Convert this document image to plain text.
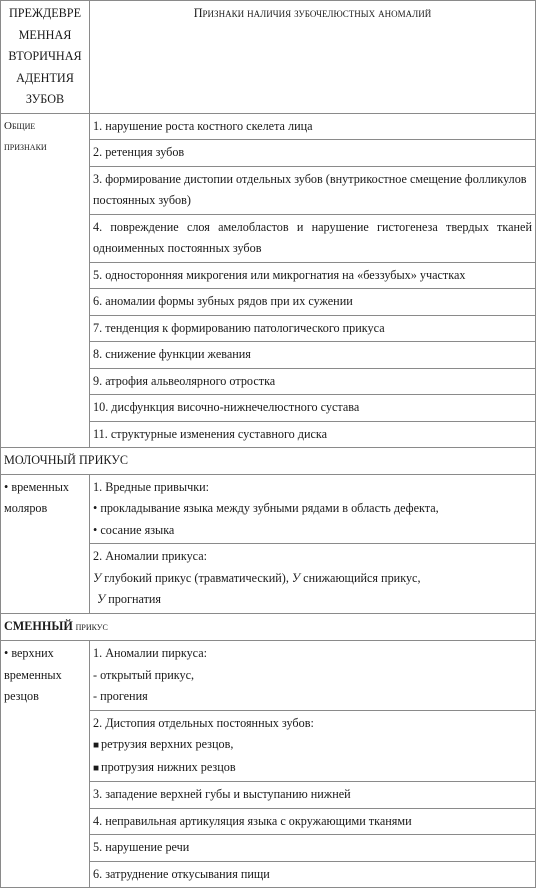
ПРЕЖДЕВРЕ
МЕННАЯ
ВТОРИЧНАЯ
АДЕНТИЯ
ЗУБОВ	Признаки наличия зубочелюстных аномалий

Общие
признаки	1. нарушение роста костного скелета лица
	2. ретенция зубов
	3. формирование дистопии отдельных зубов (внутрикостное смещение фолликулов постоянных зубов)
	4. повреждение слоя амелобластов и нарушение гистогенеза твердых тканей одноименных постоянных зубов
	5. односторонняя микрогения или микрогнатия на «беззубых» участках
	6. аномалии формы зубных рядов при их сужении
	7. тенденция к формированию патологического прикуса
	8. снижение функции жевания
	9. атрофия альвеолярного отростка
	10. дисфункция височно-нижнечелюстного сустава
	11. структурные изменения суставного диска
МОЛОЧНЫЙ ПРИКУС	

• временных
моляров	1. Вредные привычки:
• прокладывание языка между зубными рядами в область дефекта,
• сосание языка

	2. Аномалии прикуса:
У глубокий прикус (травматический), У снижающийся прикус,
У прогнатия

СМЕННЫЙ прикус	

• верхних
временных
резцов	1. Аномалии пиркуса:
- открытый прикус,
- прогения

	2. Дистопия отдельных постоянных зубов:
■ ретрузия верхних резцов,
■ протрузия нижних резцов

	3. западение верхней губы и выступанию нижней
	4. неправильная артикуляция языка с окружающими тканями
	5. нарушение речи
	6. затруднение откусывания пищи
